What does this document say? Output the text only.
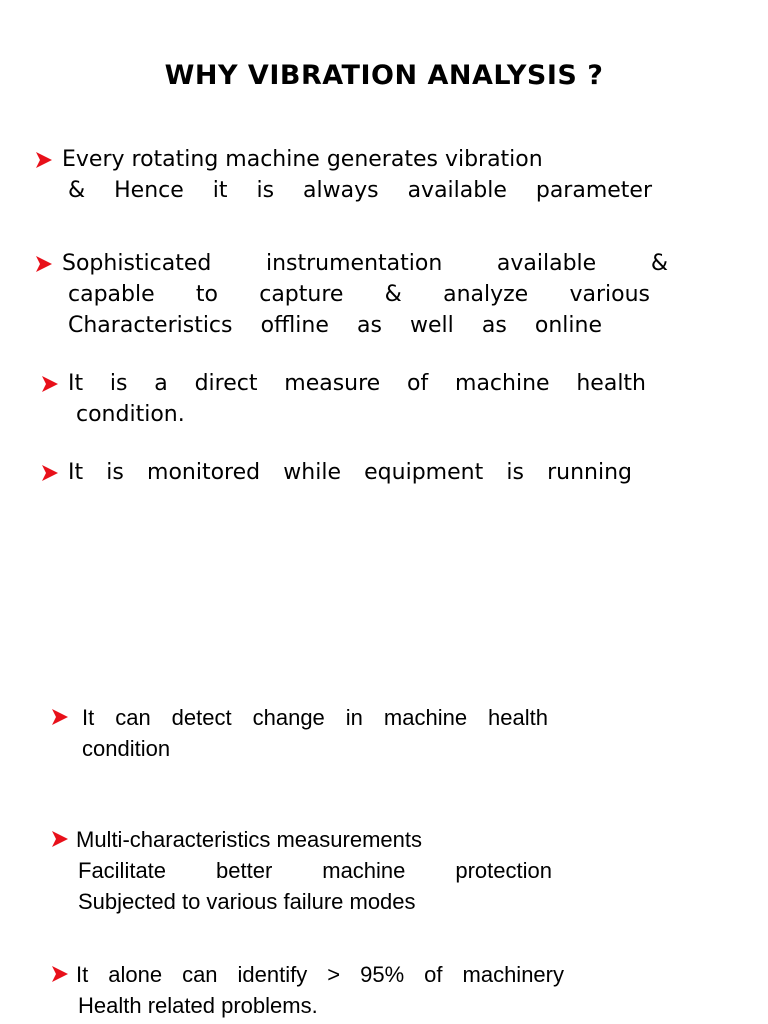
WHY VIBRATION ANALYSIS ?
Every rotating machine generates vibration
& Hence it is always available parameter
Sophisticated instrumentation available &
capable to capture & analyze various
Characteristics offline as well as online
It is a direct measure of machine health
condition.
It is monitored while equipment is running
It can detect change in machine health
condition
Multi-characteristics measurements
Facilitate better machine protection
Subjected to various failure modes
It alone can identify > 95% of machinery
Health related problems.
